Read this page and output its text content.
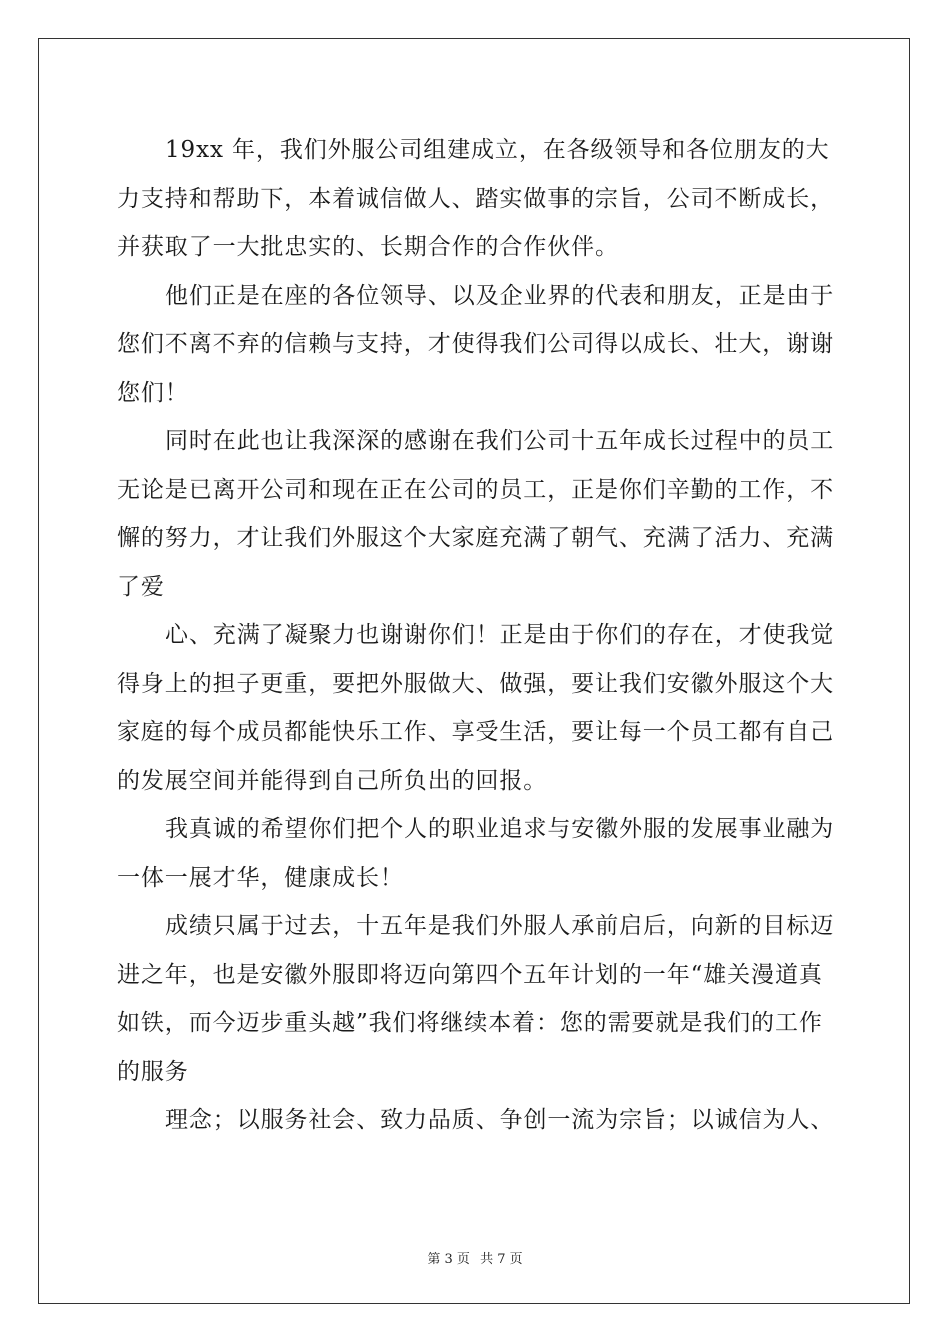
19xx 年，我们外服公司组建成立，在各级领导和各位朋友的大
力支持和帮助下，本着诚信做人、踏实做事的宗旨，公司不断成长，
并获取了一大批忠实的、长期合作的合作伙伴。
他们正是在座的各位领导、以及企业界的代表和朋友，正是由于
您们不离不弃的信赖与支持，才使得我们公司得以成长、壮大，谢谢
您们！
同时在此也让我深深的感谢在我们公司十五年成长过程中的员工
无论是已离开公司和现在正在公司的员工，正是你们辛勤的工作，不
懈的努力，才让我们外服这个大家庭充满了朝气、充满了活力、充满
了爱
心、充满了凝聚力也谢谢你们！正是由于你们的存在，才使我觉
得身上的担子更重，要把外服做大、做强，要让我们安徽外服这个大
家庭的每个成员都能快乐工作、享受生活，要让每一个员工都有自己
的发展空间并能得到自己所负出的回报。
我真诚的希望你们把个人的职业追求与安徽外服的发展事业融为
一体一展才华，健康成长！
成绩只属于过去，十五年是我们外服人承前启后，向新的目标迈
进之年，也是安徽外服即将迈向第四个五年计划的一年“雄关漫道真
如铁，而今迈步重头越”我们将继续本着：您的需要就是我们的工作
的服务
理念；以服务社会、致力品质、争创一流为宗旨；以诚信为人、
第 3 页 共 7 页
